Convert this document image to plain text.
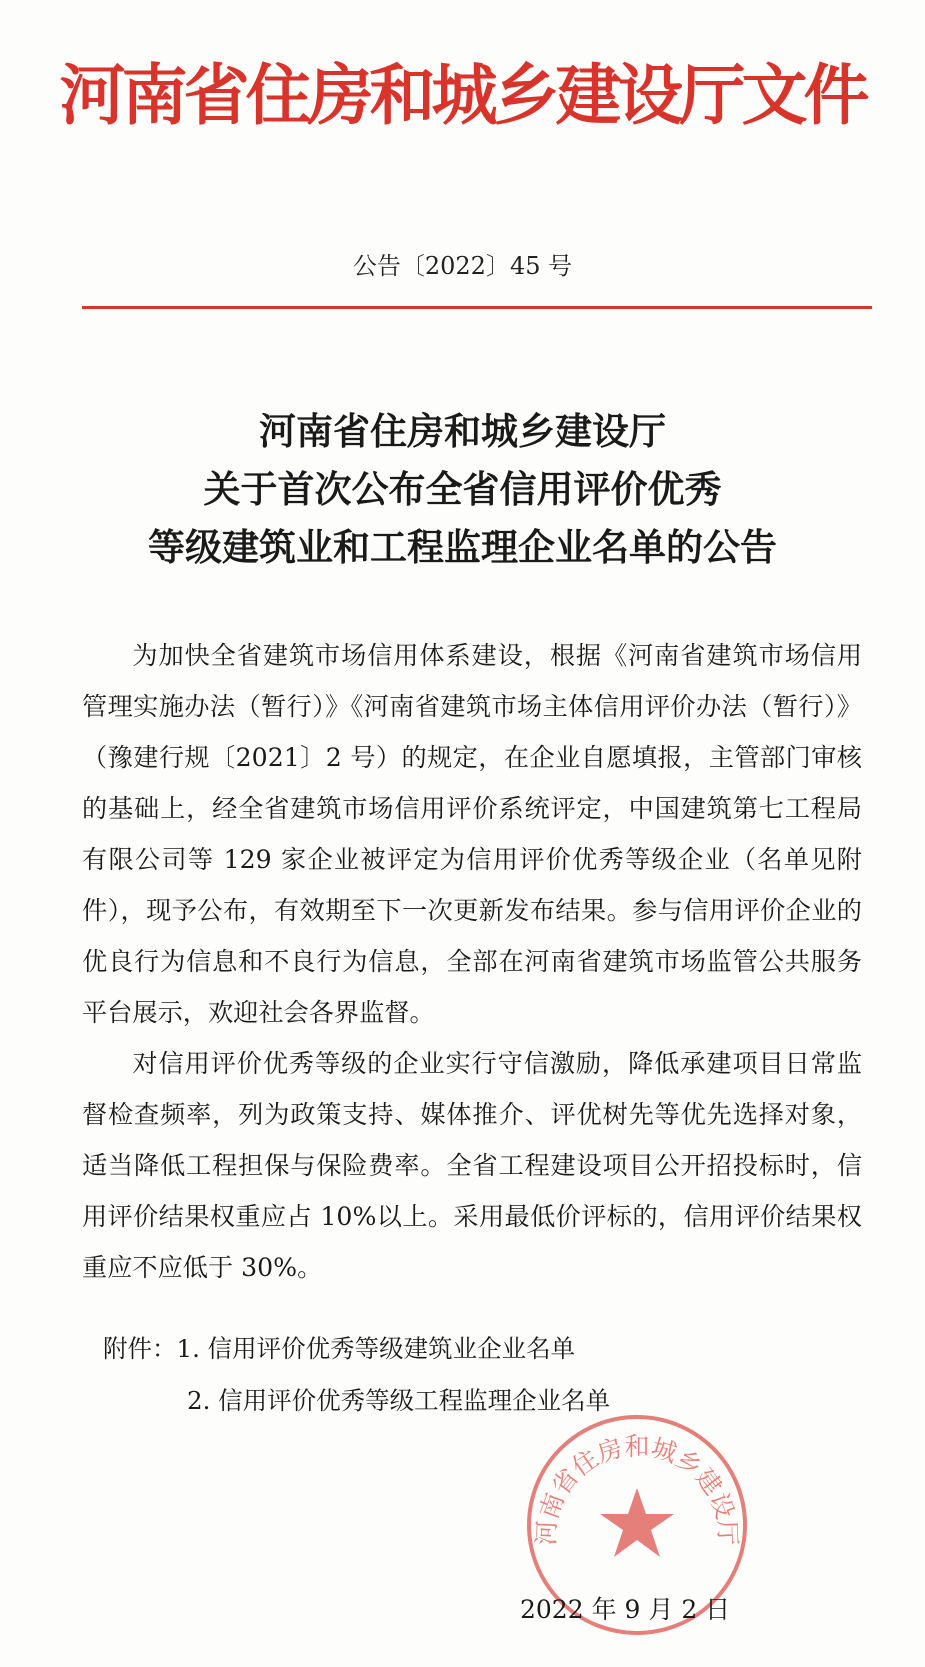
河南省住房和城乡建设厅文件
公告〔2022〕45 号
河南省住房和城乡建设厅
关于首次公布全省信用评价优秀
等级建筑业和工程监理企业名单的公告

为加快全省建筑市场信用体系建设，根据《河南省建筑市场信用管理实施办法（暂行）》《河南省建筑市场主体信用评价办法（暂行）》（豫建行规〔2021〕2 号）的规定，在企业自愿填报，主管部门审核的基础上，经全省建筑市场信用评价系统评定，中国建筑第七工程局有限公司等 129 家企业被评定为信用评价优秀等级企业（名单见附件），现予公布，有效期至下一次更新发布结果。参与信用评价企业的优良行为信息和不良行为信息，全部在河南省建筑市场监管公共服务平台展示，欢迎社会各界监督。

对信用评价优秀等级的企业实行守信激励，降低承建项目日常监督检查频率，列为政策支持、媒体推介、评优树先等优先选择对象，适当降低工程担保与保险费率。全省工程建设项目公开招投标时，信用评价结果权重应占 10%以上。采用最低价评标的，信用评价结果权重应不应低于 30%。

附件：1. 信用评价优秀等级建筑业企业名单
2. 信用评价优秀等级工程监理企业名单
河南省住房和城乡建设厅
2022 年 9 月 2 日
